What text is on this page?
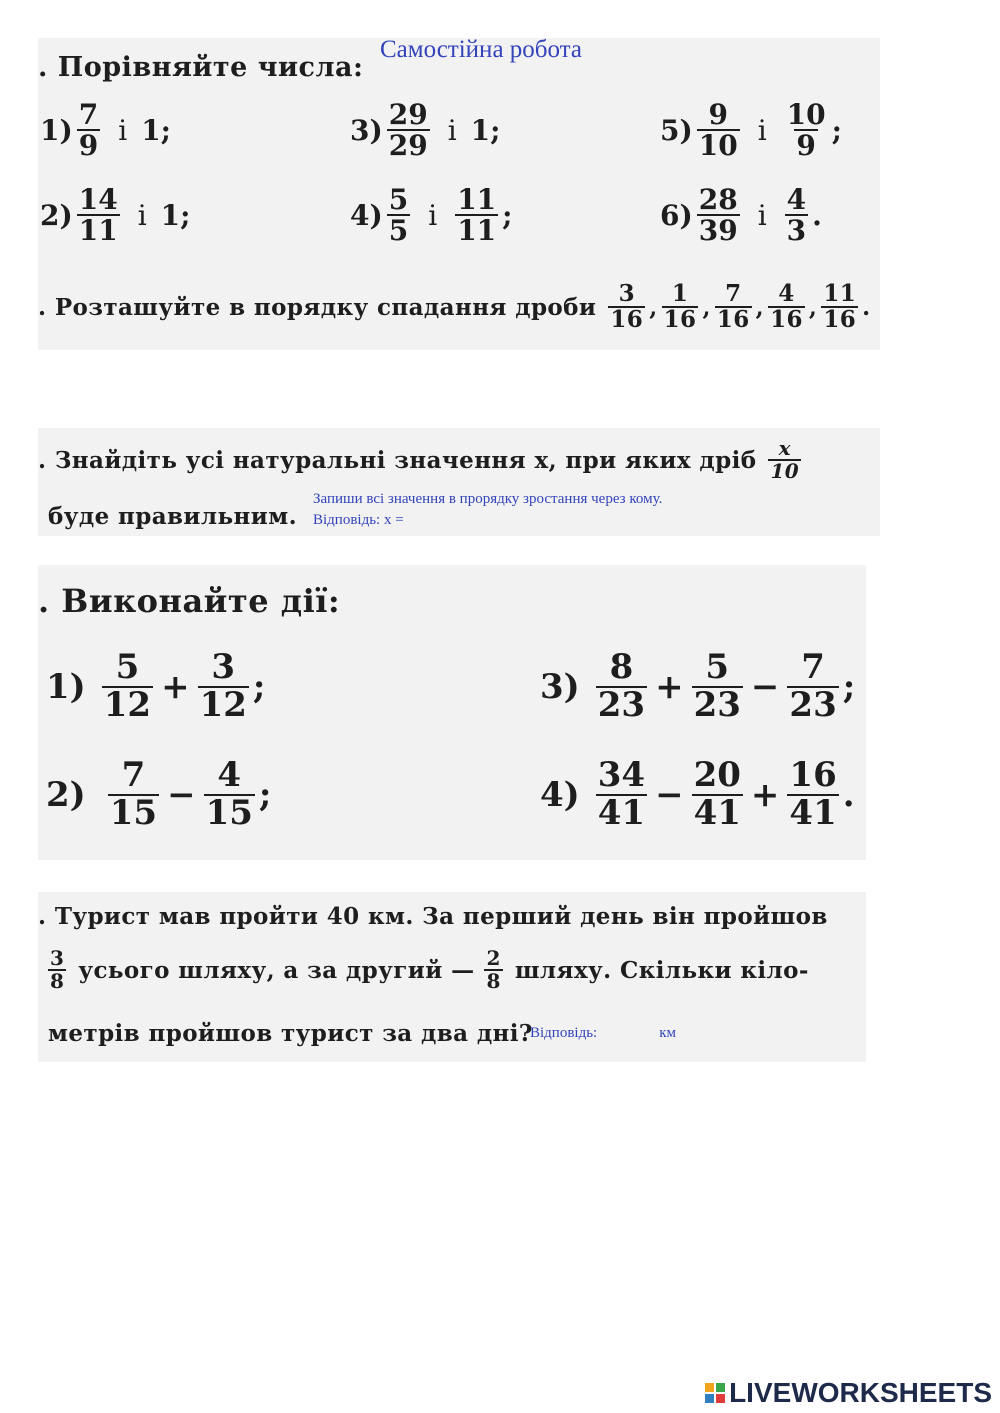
Самостійна робота
. Порівняйте числа:
$1) \frac{7}{9}$ і 1 ;
$2) \frac{14}{11}$ і 1 ;
$3) \frac{29}{29}$ і 1 ;
$4) \frac{5}{5}$ і $\frac{11}{11}$ ;
$5) \frac{9}{10}$ і $\frac{10}{9}$ ;
$6) \frac{28}{39}$ і $\frac{4}{3}$ .
. Розташуйте в порядку спадання дроби $\frac{3}{16}$ , $\frac{1}{16}$ , $\frac{7}{16}$ , $\frac{4}{16}$ , $\frac{11}{16}$ .
. Знайдіть усі натуральні значення x, при яких дріб $\frac{x}{10}$
буде правильним.
Запиши всі значення в прорядку зростання через кому.
Відповідь: x =
. Виконайте дії:
$1) \frac{5}{12} + \frac{3}{12}$ ;
$2) \frac{7}{15} - \frac{4}{15}$ ;
$3) \frac{8}{23} + \frac{5}{23} - \frac{7}{23}$ ;
$4) \frac{34}{41} - \frac{20}{41} + \frac{16}{41}$ .
. Турист мав пройти 40 км. За перший день він пройшов
$\frac{3}{8}$ усього шляху, а за другий — $\frac{2}{8}$ шляху. Скільки кіло-
метрів пройшов турист за два дні?
Відповідь:	км
LIVEWORKSHEETS
